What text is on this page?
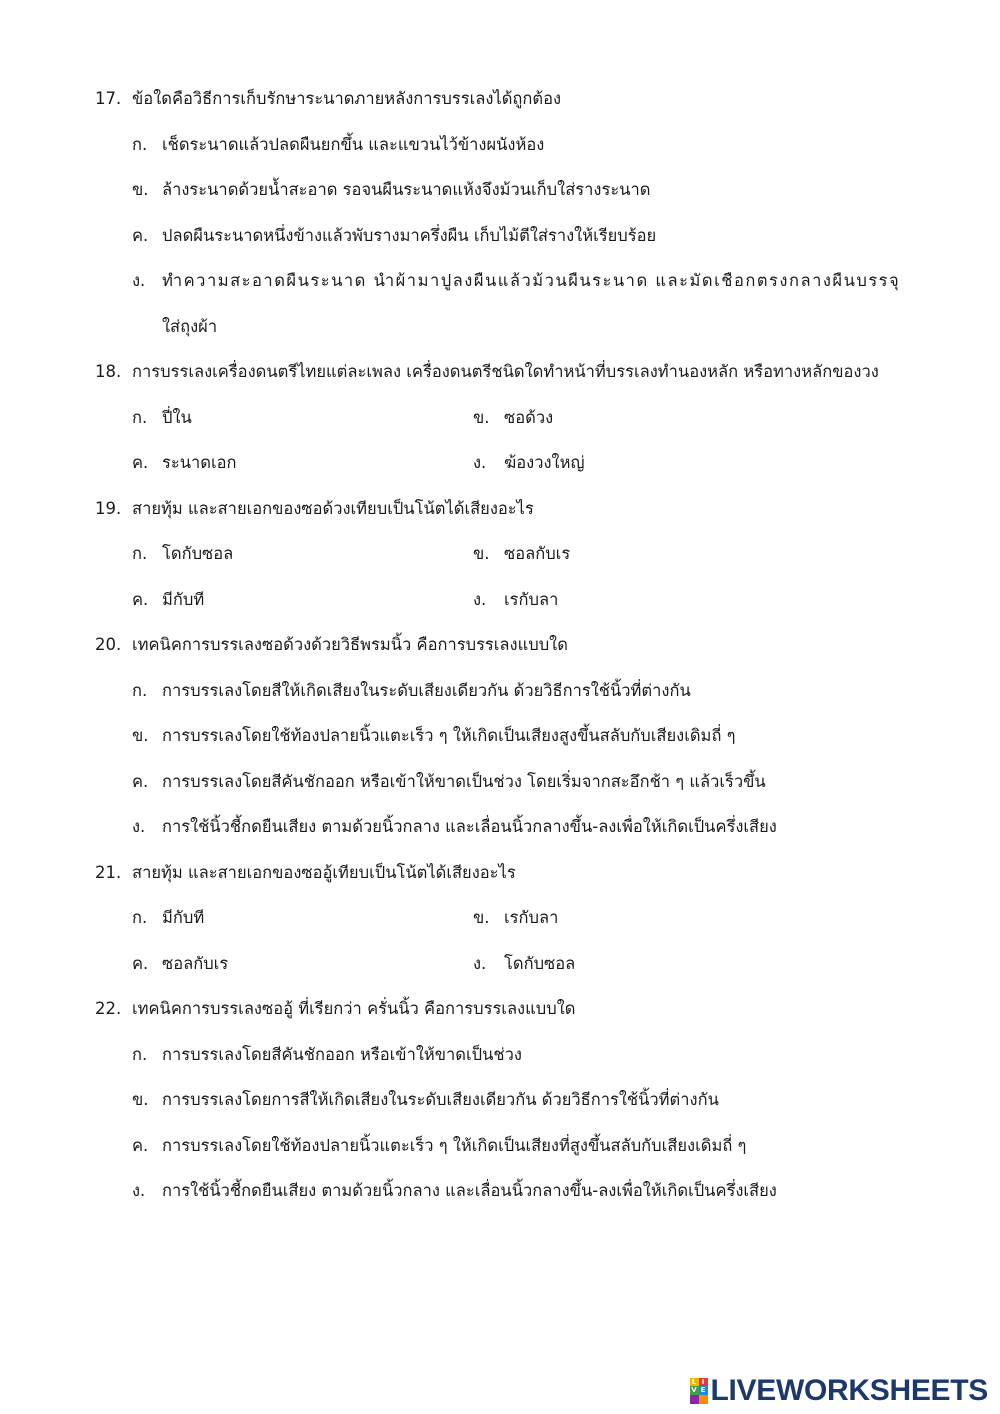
17. ข้อใดคือวิธีการเก็บรักษาระนาดภายหลังการบรรเลงได้ถูกต้อง
ก. เช็ดระนาดแล้วปลดผืนยกขึ้น และแขวนไว้ข้างผนังห้อง
ข. ล้างระนาดด้วยน้ำสะอาด รอจนผืนระนาดแห้งจึงม้วนเก็บใส่รางระนาด
ค. ปลดผืนระนาดหนึ่งข้างแล้วพับรางมาครึ่งผืน เก็บไม้ตีใส่รางให้เรียบร้อย
ง. ทำความสะอาดผืนระนาด นำผ้ามาปูลงผืนแล้วม้วนผืนระนาด และมัดเชือกตรงกลางผืนบรรจุ
ใส่ถุงผ้า
18. การบรรเลงเครื่องดนตรีไทยแต่ละเพลง เครื่องดนตรีชนิดใดทำหน้าที่บรรเลงทำนองหลัก หรือทางหลักของวง
ก. ปี่ใน	ข. ซอด้วง
ค. ระนาดเอก	ง. ฆ้องวงใหญ่
19. สายทุ้ม และสายเอกของซอด้วงเทียบเป็นโน้ตได้เสียงอะไร
ก. โดกับซอล	ข. ซอลกับเร
ค. มีกับที	ง. เรกับลา
20. เทคนิคการบรรเลงซอด้วงด้วยวิธีพรมนิ้ว คือการบรรเลงแบบใด
ก. การบรรเลงโดยสีให้เกิดเสียงในระดับเสียงเดียวกัน ด้วยวิธีการใช้นิ้วที่ต่างกัน
ข. การบรรเลงโดยใช้ท้องปลายนิ้วแตะเร็ว ๆ ให้เกิดเป็นเสียงสูงขึ้นสลับกับเสียงเดิมถี่ ๆ
ค. การบรรเลงโดยสีคันชักออก หรือเข้าให้ขาดเป็นช่วง โดยเริ่มจากสะอึกช้า ๆ แล้วเร็วขึ้น
ง. การใช้นิ้วชี้กดยืนเสียง ตามด้วยนิ้วกลาง และเลื่อนนิ้วกลางขึ้น-ลงเพื่อให้เกิดเป็นครึ่งเสียง
21. สายทุ้ม และสายเอกของซออู้เทียบเป็นโน้ตได้เสียงอะไร
ก. มีกับที	ข. เรกับลา
ค. ซอลกับเร	ง. โดกับซอล
22. เทคนิคการบรรเลงซออู้ ที่เรียกว่า ครั่นนิ้ว คือการบรรเลงแบบใด
ก. การบรรเลงโดยสีคันชักออก หรือเข้าให้ขาดเป็นช่วง
ข. การบรรเลงโดยการสีให้เกิดเสียงในระดับเสียงเดียวกัน ด้วยวิธีการใช้นิ้วที่ต่างกัน
ค. การบรรเลงโดยใช้ท้องปลายนิ้วแตะเร็ว ๆ ให้เกิดเป็นเสียงที่สูงขึ้นสลับกับเสียงเดิมถี่ ๆ
ง. การใช้นิ้วชี้กดยืนเสียง ตามด้วยนิ้วกลาง และเลื่อนนิ้วกลางขึ้น-ลงเพื่อให้เกิดเป็นครึ่งเสียง
L I
V E LIVEWORKSHEETS
